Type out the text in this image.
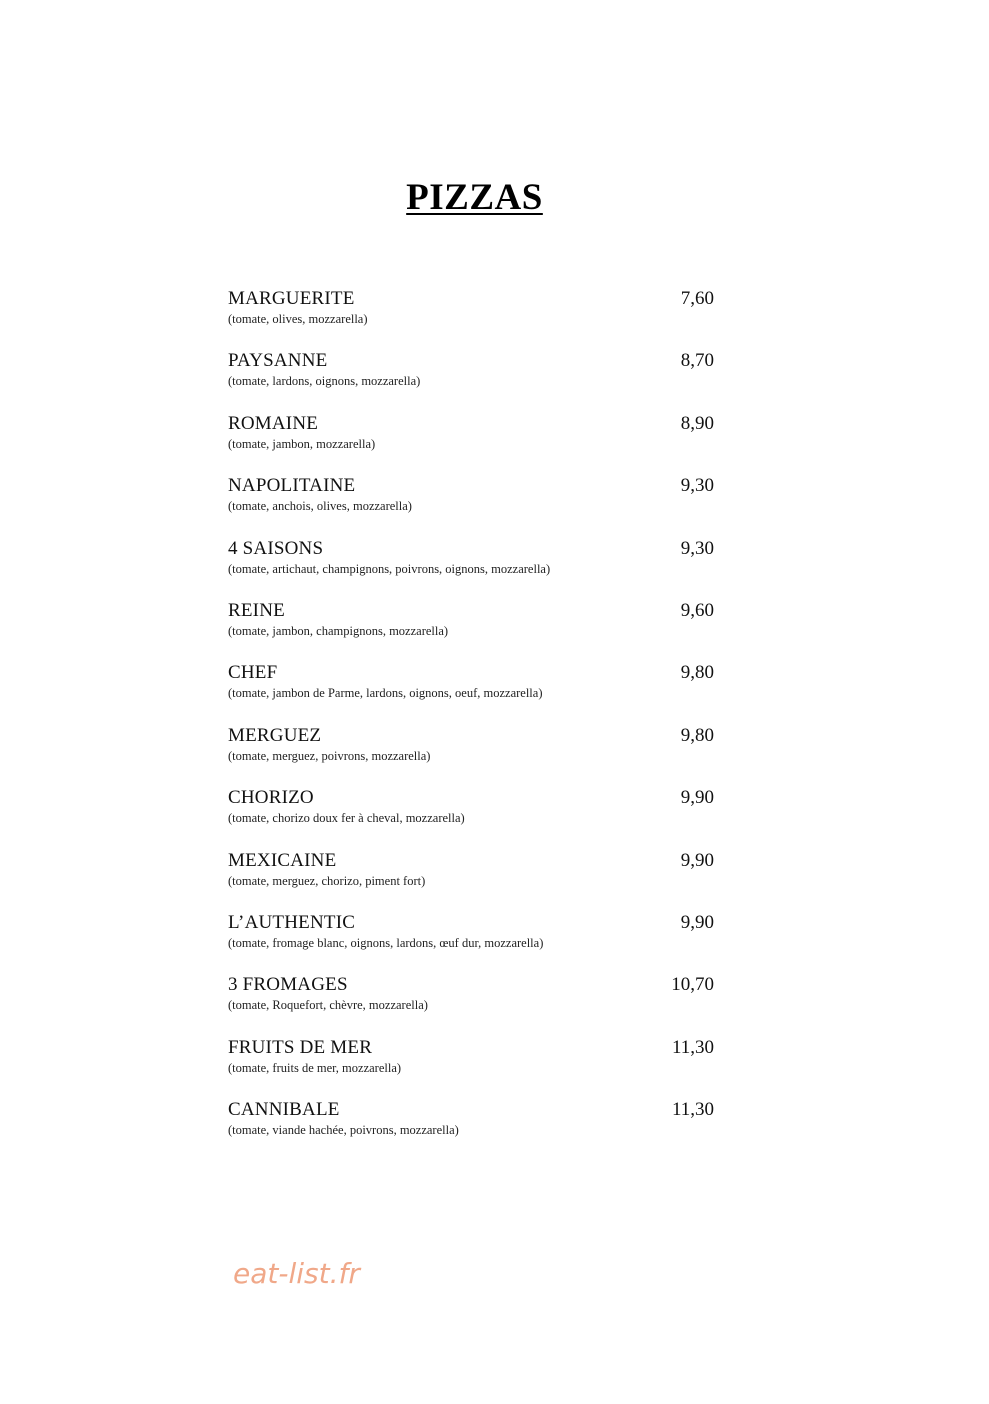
PIZZAS
MARGUERITE
(tomate, olives, mozzarella)
7,60
PAYSANNE
(tomate, lardons, oignons, mozzarella)
8,70
ROMAINE
(tomate, jambon, mozzarella)
8,90
NAPOLITAINE
(tomate, anchois, olives, mozzarella)
9,30
4 SAISONS
(tomate, artichaut, champignons, poivrons, oignons, mozzarella)
9,30
REINE
(tomate, jambon, champignons, mozzarella)
9,60
CHEF
(tomate, jambon de Parme, lardons, oignons, oeuf, mozzarella)
9,80
MERGUEZ
(tomate, merguez, poivrons, mozzarella)
9,80
CHORIZO
(tomate, chorizo doux fer à cheval, mozzarella)
9,90
MEXICAINE
(tomate, merguez, chorizo, piment fort)
9,90
L’AUTHENTIC
(tomate, fromage blanc, oignons, lardons, œuf dur, mozzarella)
9,90
3 FROMAGES
(tomate, Roquefort, chèvre, mozzarella)
10,70
FRUITS DE MER
(tomate, fruits de mer, mozzarella)
11,30
CANNIBALE
(tomate, viande hachée, poivrons, mozzarella)
11,30
eat-list.fr
